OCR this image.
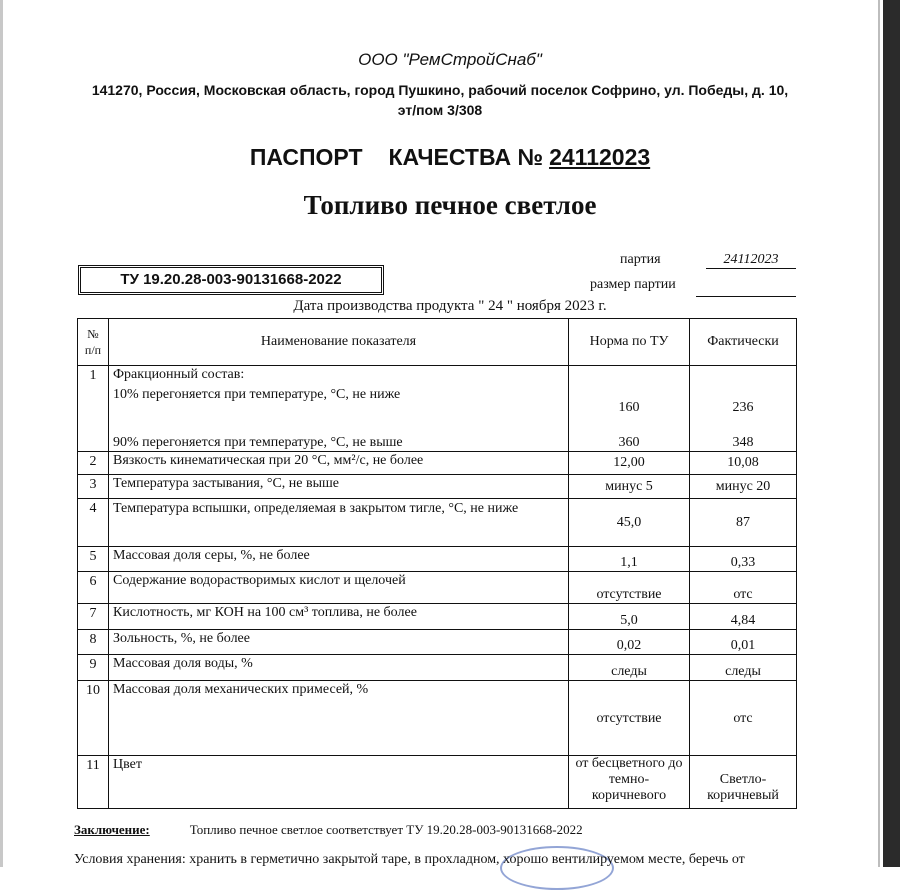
ООО "РемСтройСнаб"
141270, Россия, Московская область, город Пушкино, рабочий поселок Софрино, ул. Победы, д. 10,
эт/пом 3/308
ПАСПОРТ КАЧЕСТВА № 24112023
Топливо печное светлое
ТУ 19.20.28-003-90131668-2022
партия	24112023
размер партии
Дата производства продукта " 24 " ноября 2023 г.
№ п/п	Наименование показателя	Норма по ТУ	Фактически
1	Фракционный состав:		
	10% перегоняется при температуре, °С, не ниже	160	236
	90% перегоняется при температуре, °С, не выше	360	348
2	Вязкость кинематическая при 20 °С, мм²/с, не более	12,00	10,08
3	Температура застывания, °С, не выше	минус 5	минус 20
4	Температура вспышки, определяемая в закрытом тигле, °С, не ниже	45,0	87
5	Массовая доля серы, %, не более	1,1	0,33
6	Содержание водорастворимых кислот и щелочей	отсутствие	отс
7	Кислотность, мг КОН на 100 см³ топлива, не более	5,0	4,84
8	Зольность, %, не более	0,02	0,01
9	Массовая доля воды, %	следы	следы
10	Массовая доля механических примесей, %	отсутствие	отс
11	Цвет	от бесцветного до темно-коричневого	Светло-коричневый
Заключение:	Топливо печное светлое соответствует ТУ 19.20.28-003-90131668-2022
Условия хранения: хранить в герметично закрытой таре, в прохладном, хорошо вентилируемом месте, беречь от
